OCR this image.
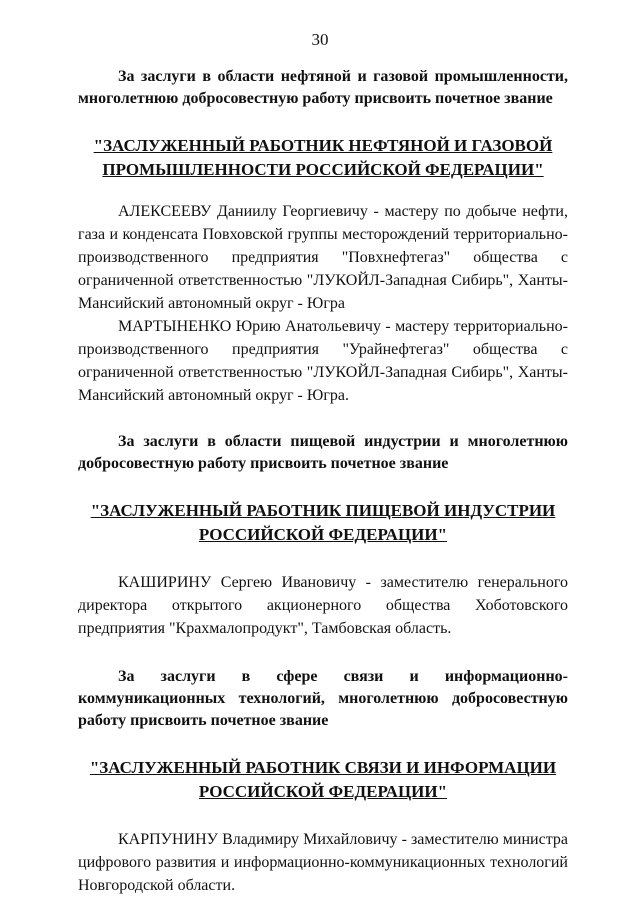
30

За заслуги в области нефтяной и газовой промышленности, многолетнюю добросовестную работу присвоить почетное звание

"ЗАСЛУЖЕННЫЙ РАБОТНИК НЕФТЯНОЙ И ГАЗОВОЙ
ПРОМЫШЛЕННОСТИ РОССИЙСКОЙ ФЕДЕРАЦИИ"

АЛЕКСЕЕВУ Даниилу Георгиевичу - мастеру по добыче нефти, газа и конденсата Повховской группы месторождений территориально-производственного предприятия "Повхнефтегаз" общества с ограниченной ответственностью "ЛУКОЙЛ-Западная Сибирь", Ханты-Мансийский автономный округ - Югра

МАРТЫНЕНКО Юрию Анатольевичу - мастеру территориально-производственного предприятия "Урайнефтегаз" общества с ограниченной ответственностью "ЛУКОЙЛ-Западная Сибирь", Ханты-Мансийский автономный округ - Югра.

За заслуги в области пищевой индустрии и многолетнюю добросовестную работу присвоить почетное звание

"ЗАСЛУЖЕННЫЙ РАБОТНИК ПИЩЕВОЙ ИНДУСТРИИ
РОССИЙСКОЙ ФЕДЕРАЦИИ"

КАШИРИНУ Сергею Ивановичу - заместителю генерального директора открытого акционерного общества Хоботовского предприятия "Крахмалопродукт", Тамбовская область.

За заслуги в сфере связи и информационно-коммуникационных технологий, многолетнюю добросовестную работу присвоить почетное звание

"ЗАСЛУЖЕННЫЙ РАБОТНИК СВЯЗИ И ИНФОРМАЦИИ
РОССИЙСКОЙ ФЕДЕРАЦИИ"

КАРПУНИНУ Владимиру Михайловичу - заместителю министра цифрового развития и информационно-коммуникационных технологий Новгородской области.
